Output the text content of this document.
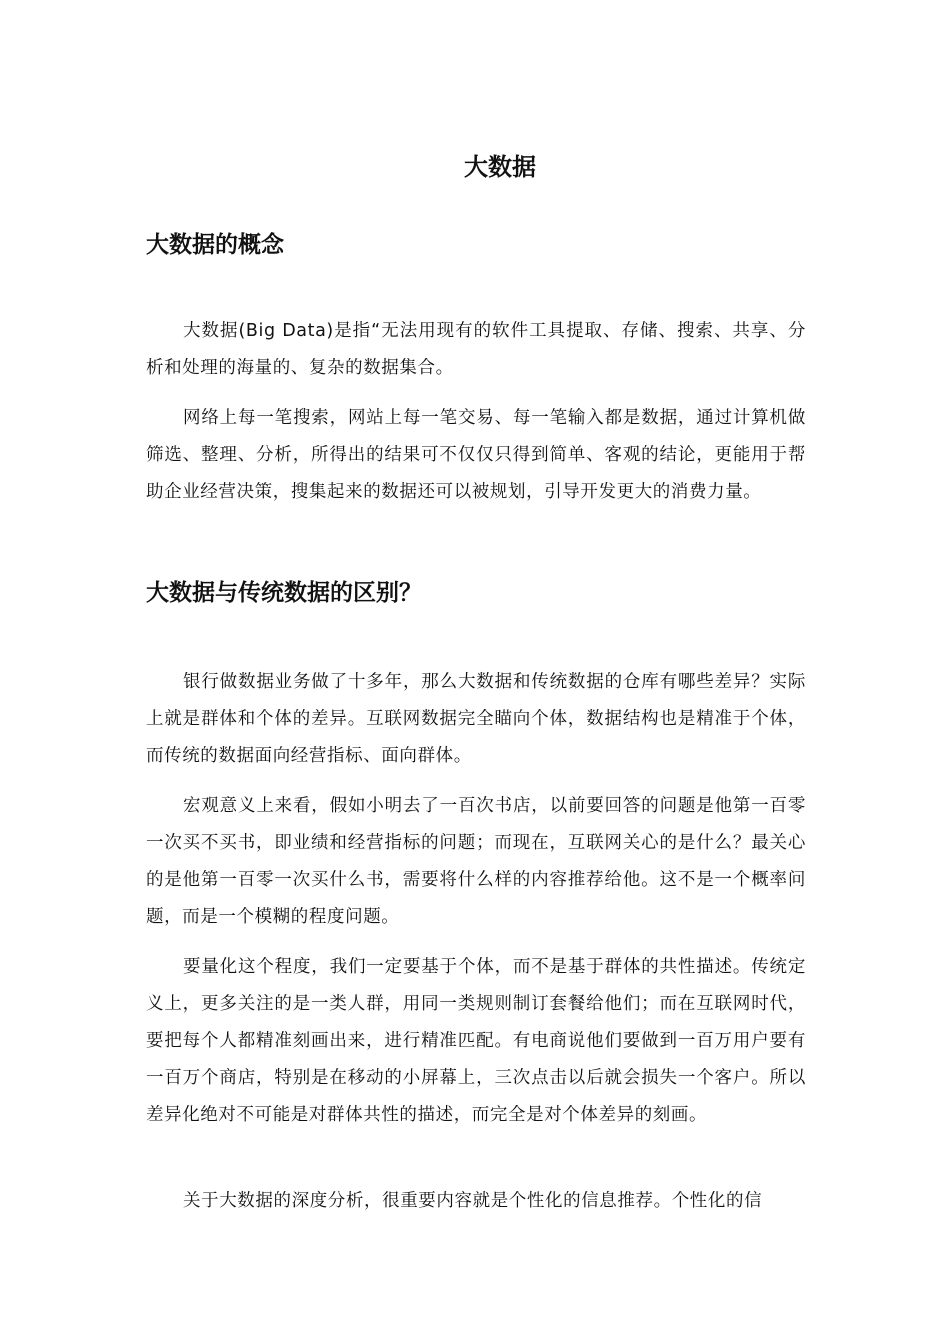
大数据
大数据的概念

大数据(Big Data)是指“无法用现有的软件工具提取、存储、搜索、共享、分析和处理的海量的、复杂的数据集合。

网络上每一笔搜索，网站上每一笔交易、每一笔输入都是数据，通过计算机做筛选、整理、分析，所得出的结果可不仅仅只得到简单、客观的结论，更能用于帮助企业经营决策，搜集起来的数据还可以被规划，引导开发更大的消费力量。

大数据与传统数据的区别？

银行做数据业务做了十多年，那么大数据和传统数据的仓库有哪些差异？实际上就是群体和个体的差异。互联网数据完全瞄向个体，数据结构也是精准于个体，而传统的数据面向经营指标、面向群体。

宏观意义上来看，假如小明去了一百次书店，以前要回答的问题是他第一百零一次买不买书，即业绩和经营指标的问题；而现在，互联网关心的是什么？最关心的是他第一百零一次买什么书，需要将什么样的内容推荐给他。这不是一个概率问题，而是一个模糊的程度问题。

要量化这个程度，我们一定要基于个体，而不是基于群体的共性描述。传统定义上，更多关注的是一类人群，用同一类规则制订套餐给他们；而在互联网时代，要把每个人都精准刻画出来，进行精准匹配。有电商说他们要做到一百万用户要有一百万个商店，特别是在移动的小屏幕上，三次点击以后就会损失一个客户。所以差异化绝对不可能是对群体共性的描述，而完全是对个体差异的刻画。

关于大数据的深度分析，很重要内容就是个性化的信息推荐。个性化的信
